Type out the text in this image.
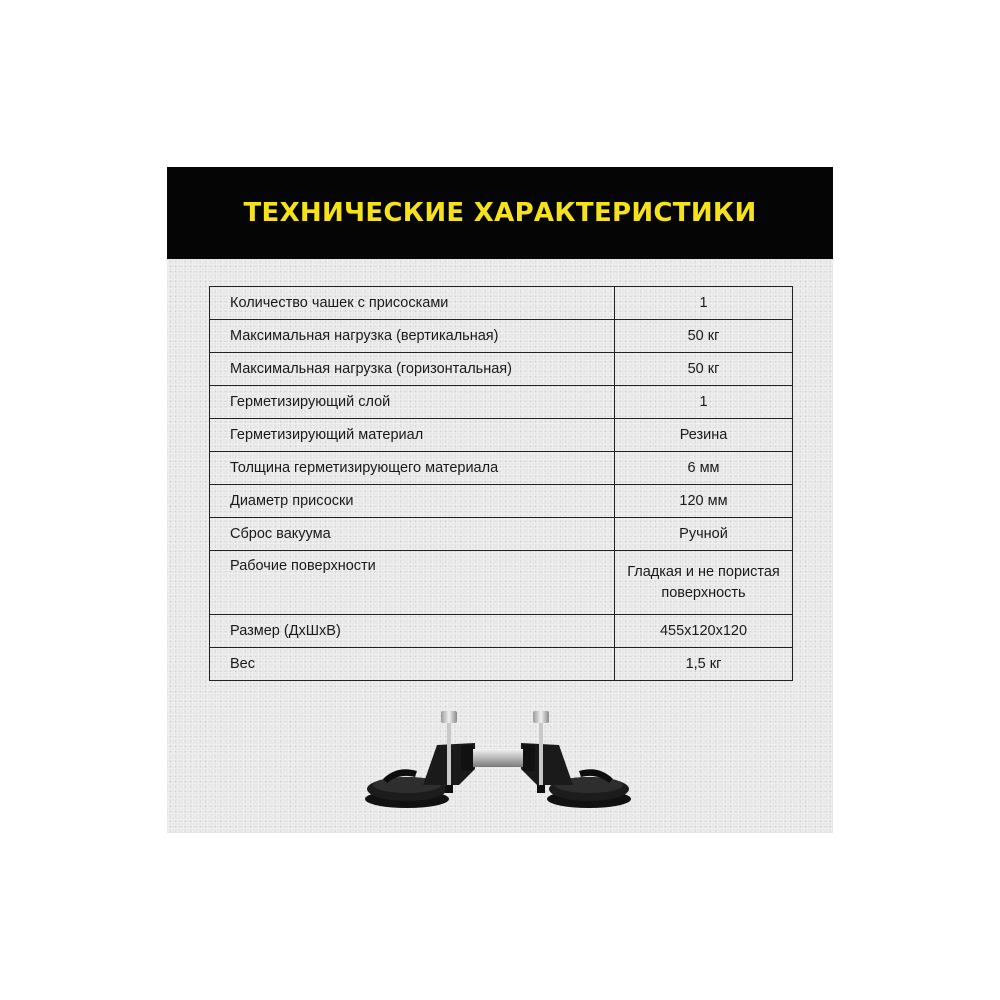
ТЕХНИЧЕСКИЕ ХАРАКТЕРИСТИКИ
Количество чашек с присосками	1
Максимальная нагрузка (вертикальная)	50 кг
Максимальная нагрузка (горизонтальная)	50 кг
Герметизирующий слой	1
Герметизирующий материал	Резина
Толщина герметизирующего материала	6 мм
Диаметр присоски	120 мм
Сброс вакуума	Ручной
Рабочие поверхности	Гладкая и не пористая поверхность
Размер (ДхШхВ)	455х120х120
Вес	1,5 кг
